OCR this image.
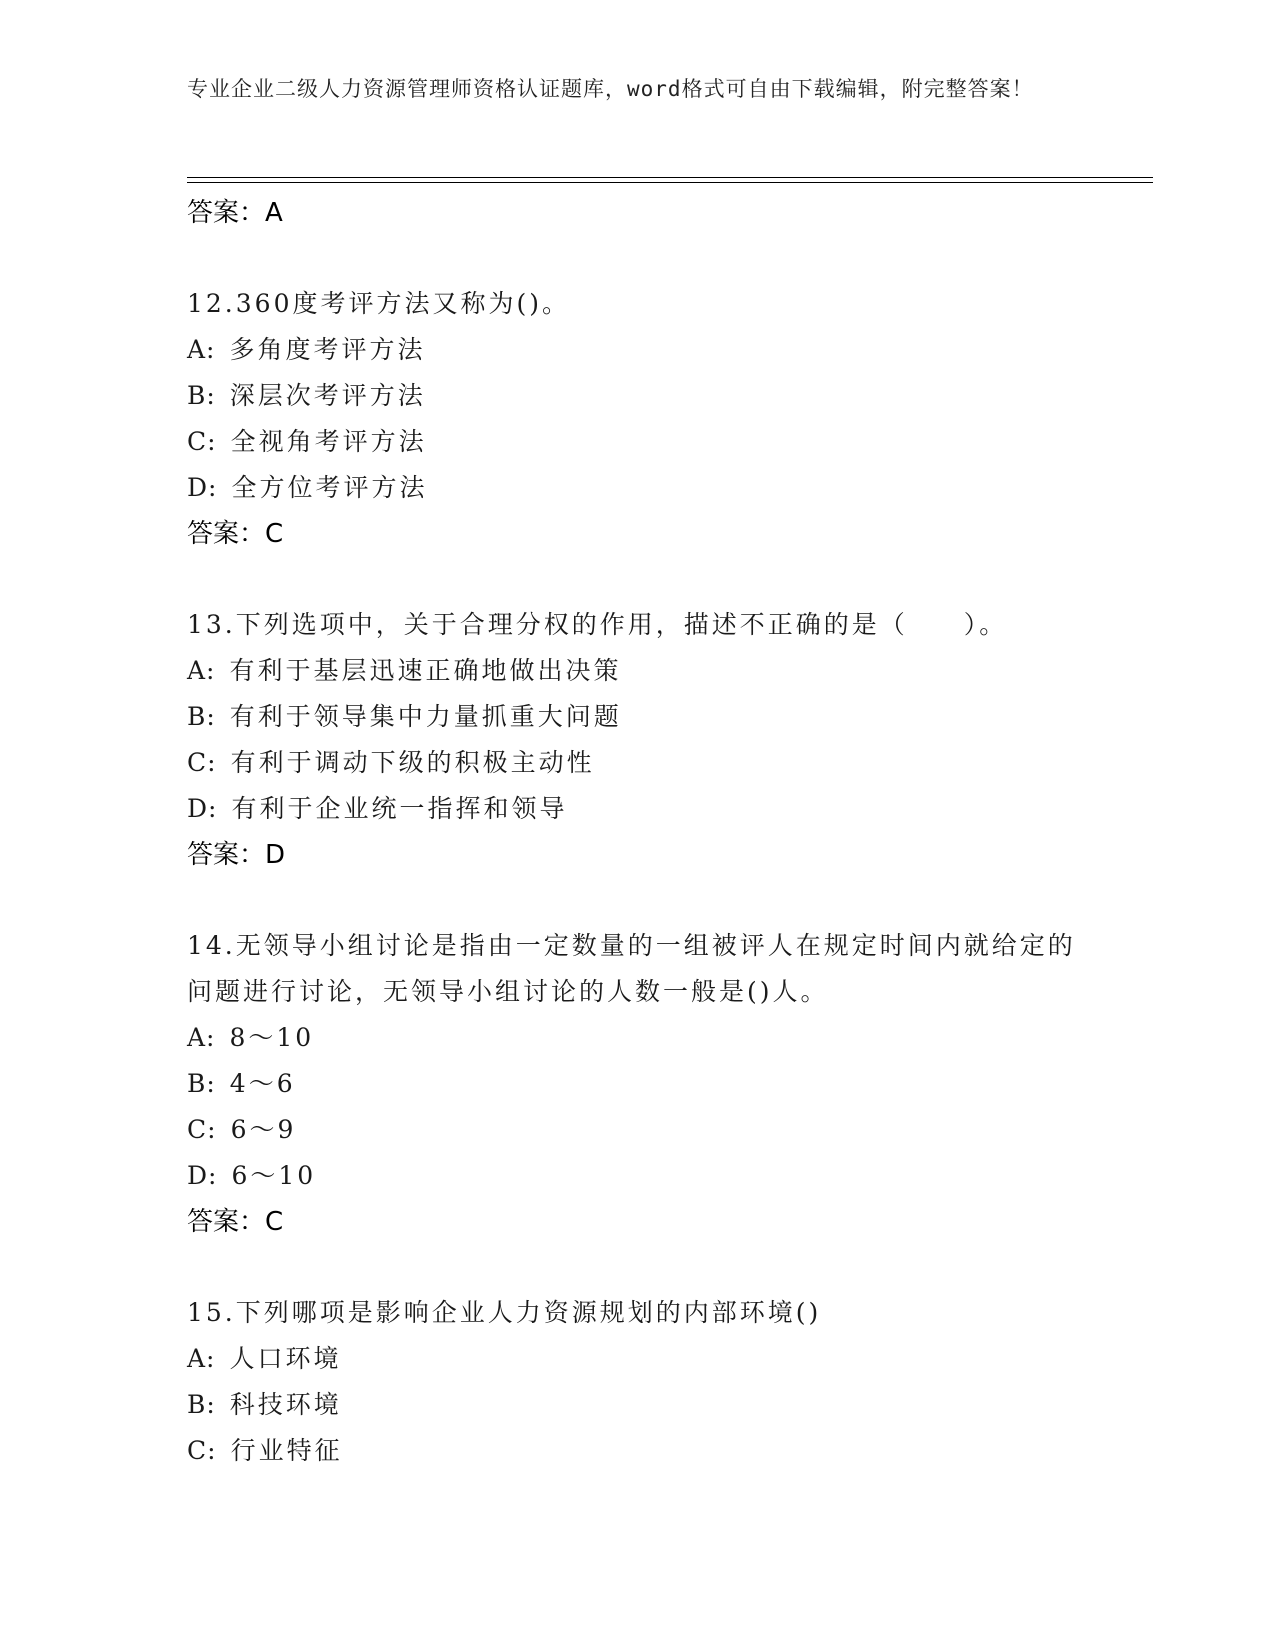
专业企业二级人力资源管理师资格认证题库，word格式可自由下载编辑，附完整答案！
答案：A
12.360度考评方法又称为()。
A: 多角度考评方法
B: 深层次考评方法
C: 全视角考评方法
D: 全方位考评方法
答案：C
13.下列选项中，关于合理分权的作用，描述不正确的是（　　）。
A: 有利于基层迅速正确地做出决策
B: 有利于领导集中力量抓重大问题
C: 有利于调动下级的积极主动性
D: 有利于企业统一指挥和领导
答案：D
14.无领导小组讨论是指由一定数量的一组被评人在规定时间内就给定的问题进行讨论，无领导小组讨论的人数一般是()人。
A: 8～10
B: 4～6
C: 6～9
D: 6～10
答案：C
15.下列哪项是影响企业人力资源规划的内部环境()
A: 人口环境
B: 科技环境
C: 行业特征
